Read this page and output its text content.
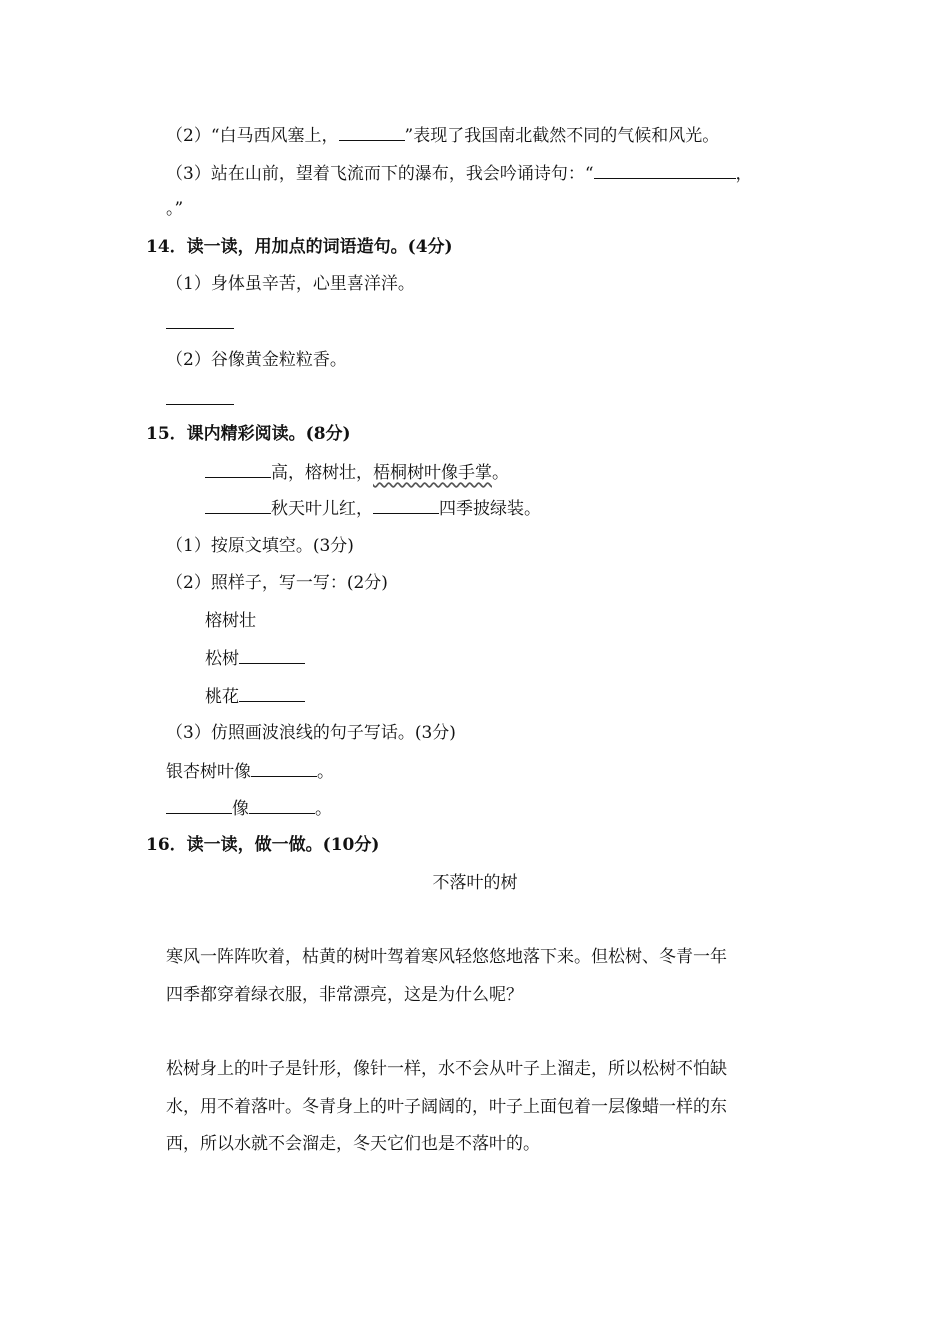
（2）“白马西风塞上，	”表现了我国南北截然不同的气候和风光。
（3）站在山前，望着飞流而下的瀑布，我会吟诵诗句：“	，
。”
14．读一读，用加点的词语造句。(4分)
（1）身体虽辛苦，心里喜洋洋。
（2）谷像黄金粒粒香。
15．课内精彩阅读。(8分)
高，榕树壮，梧桐树叶像手掌。
秋天叶儿红，	四季披绿装。
（1）按原文填空。(3分)
（2）照样子，写一写：(2分)
榕树壮
松树
桃花
（3）仿照画波浪线的句子写话。(3分)
银杏树叶像	。
像	。
16．读一读，做一做。(10分)
不落叶的树
寒风一阵阵吹着，枯黄的树叶驾着寒风轻悠悠地落下来。但松树、冬青一年
四季都穿着绿衣服，非常漂亮，这是为什么呢？
松树身上的叶子是针形，像针一样，水不会从叶子上溜走，所以松树不怕缺
水，用不着落叶。冬青身上的叶子阔阔的，叶子上面包着一层像蜡一样的东
西，所以水就不会溜走，冬天它们也是不落叶的。
